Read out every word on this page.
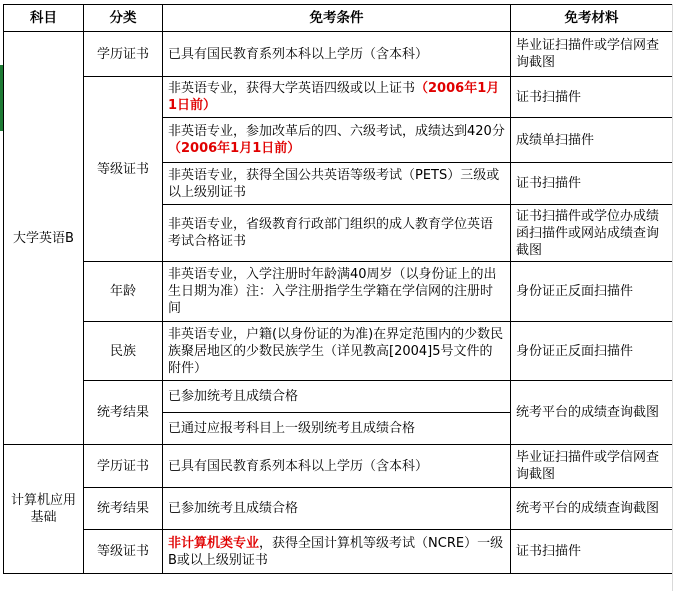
科目	分类	免考条件	免考材料
大学英语B	学历证书	已具有国民教育系列本科以上学历（含本科）	毕业证扫描件或学信网查询截图
	等级证书	非英语专业，获得大学英语四级或以上证书（2006年1月1日前）	证书扫描件
		非英语专业，参加改革后的四、六级考试，成绩达到420分（2006年1月1日前）	成绩单扫描件
		非英语专业，获得全国公共英语等级考试（PETS）三级或以上级别证书	证书扫描件
		非英语专业，省级教育行政部门组织的成人教育学位英语考试合格证书	证书扫描件或学位办成绩函扫描件或网站成绩查询截图
	年龄	非英语专业，入学注册时年龄满40周岁（以身份证上的出生日期为准）注：入学注册指学生学籍在学信网的注册时间	身份证正反面扫描件
	民族	非英语专业，户籍(以身份证的为准)在界定范围内的少数民族聚居地区的少数民族学生（详见教高[2004]5号文件的附件）	身份证正反面扫描件
	统考结果	已参加统考且成绩合格	统考平台的成绩查询截图
		已通过应报考科目上一级别统考且成绩合格	
计算机应用基础	学历证书	已具有国民教育系列本科以上学历（含本科）	毕业证扫描件或学信网查询截图
	统考结果	已参加统考且成绩合格	统考平台的成绩查询截图
	等级证书	非计算机类专业，获得全国计算机等级考试（NCRE）一级B或以上级别证书	证书扫描件
